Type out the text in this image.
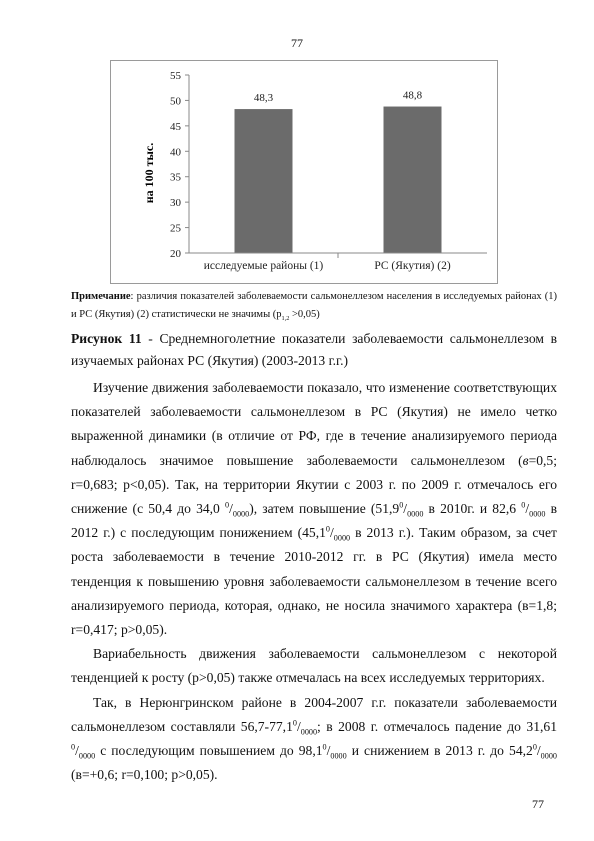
77
20
25
30
35
40
45
50
55
48,3	48,8
исследуемые районы (1)	РС (Якутия) (2)
на 100 тыс.
Примечание: различия показателей заболеваемости сальмонеллезом населения в исследуемых районах (1) и РС (Якутия) (2) статистически не значимы $(p_{1,2} >0,05)$
Рисунок 11 - Среднемноголетние показатели заболеваемости сальмонеллезом в изучаемых районах РС (Якутия) (2003-2013 г.г.)

Изучение движения заболеваемости показало, что изменение соответствующих показателей заболеваемости сальмонеллезом в РС (Якутия) не имело четко выраженной динамики (в отличие от РФ, где в течение анализируемого периода наблюдалось значимое повышение заболеваемости сальмонеллезом (в=0,5; r=0,683; p<0,05). Так, на территории Якутии с 2003 г. по 2009 г. отмечалось его снижение (с 50,4 до 34,0 $^0/_{0000}$), затем повышение ($51,9^0/_{0000}$ в 2010г. и 82,6 $^0/_{0000}$ в 2012 г.) с последующим понижением ($45,1^0/_{0000}$ в 2013 г.). Таким образом, за счет роста заболеваемости в течение 2010-2012 гг. в РС (Якутия) имела место тенденция к повышению уровня заболеваемости сальмонеллезом в течение всего анализируемого периода, которая, однако, не носила значимого характера (в=1,8; r=0,417; p>0,05).

Вариабельность движения заболеваемости сальмонеллезом с некоторой тенденцией к росту (p>0,05) также отмечалась на всех исследуемых территориях.

Так, в Нерюнгринском районе в 2004-2007 г.г. показатели заболеваемости сальмонеллезом составляли $56,7-77,1^0/_{0000}$; в 2008 г. отмечалось падение до 31,61 $^0/_{0000}$ с последующим повышением до $98,1^0/_{0000}$ и снижением в 2013 г. до $54,2^0/_{0000}$ (в=+0,6; r=0,100; p>0,05).

77
